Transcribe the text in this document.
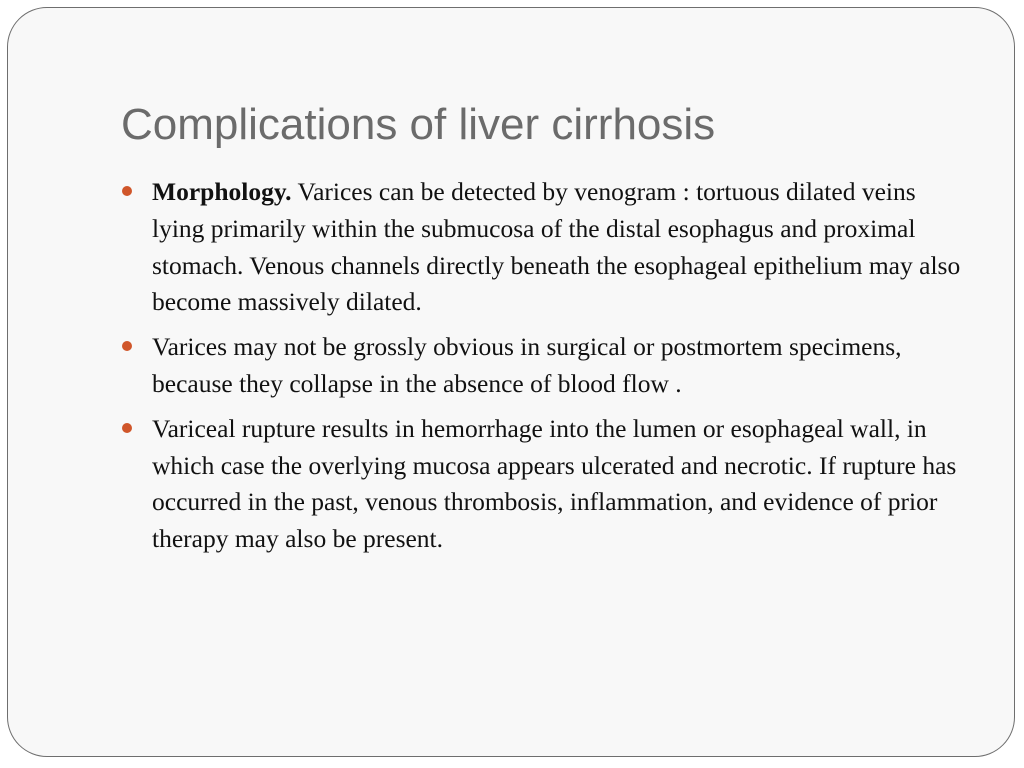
Complications of liver cirrhosis
Morphology. Varices can be detected by venogram : tortuous dilated veins lying primarily within the submucosa of the distal esophagus and proximal stomach. Venous channels directly beneath the esophageal epithelium may also become massively dilated.
Varices may not be grossly obvious in surgical or postmortem specimens, because they collapse in the absence of blood flow .
Variceal rupture results in hemorrhage into the lumen or esophageal wall, in which case the overlying mucosa appears ulcerated and necrotic. If rupture has occurred in the past, venous thrombosis, inflammation, and evidence of prior therapy may also be present.
